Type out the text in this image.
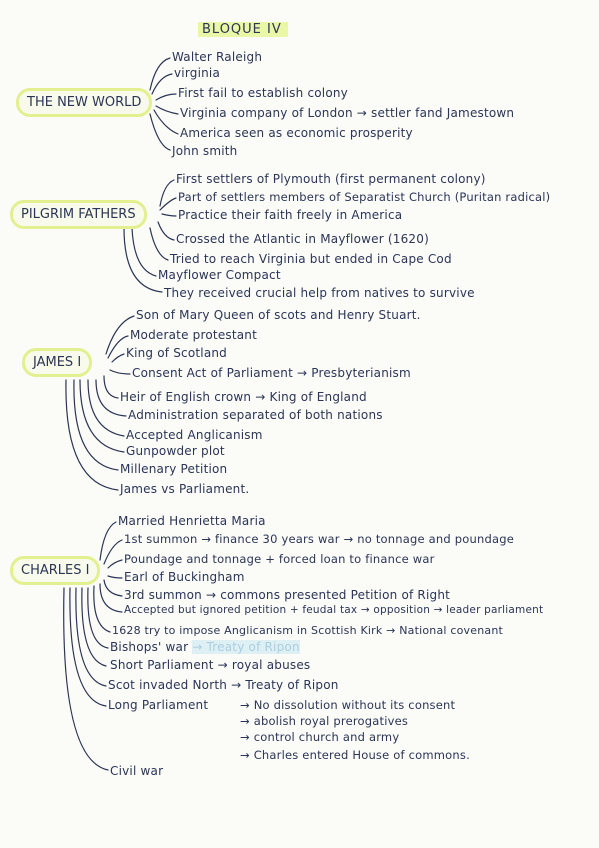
BLOQUE IV
THE NEW WORLD
Walter Raleigh
virginia
First fail to establish colony
Virginia company of London → settler fand Jamestown
America seen as economic prosperity
John smith
PILGRIM FATHERS
First settlers of Plymouth (first permanent colony)
Part of settlers members of Separatist Church (Puritan radical)
Practice their faith freely in America
Crossed the Atlantic in Mayflower (1620)
Tried to reach Virginia but ended in Cape Cod
Mayflower Compact
They received crucial help from natives to survive
JAMES I
Son of Mary Queen of scots and Henry Stuart.
Moderate protestant
King of Scotland
Consent Act of Parliament → Presbyterianism
Heir of English crown → King of England
Administration separated of both nations
Accepted Anglicanism
Gunpowder plot
Millenary Petition
James vs Parliament.
CHARLES I
Married Henrietta Maria
1st summon → finance 30 years war → no tonnage and poundage
Poundage and tonnage + forced loan to finance war
Earl of Buckingham
3rd summon → commons presented Petition of Right
Accepted but ignored petition + feudal tax → opposition → leader parliament
1628 try to impose Anglicanism in Scottish Kirk → National covenant
Bishops' war → Treaty of Ripon
Short Parliament → royal abuses
Scot invaded North → Treaty of Ripon
Long Parliament	→ No dissolution without its consent
→ abolish royal prerogatives
→ control church and army
→ Charles entered House of commons.
Civil war
